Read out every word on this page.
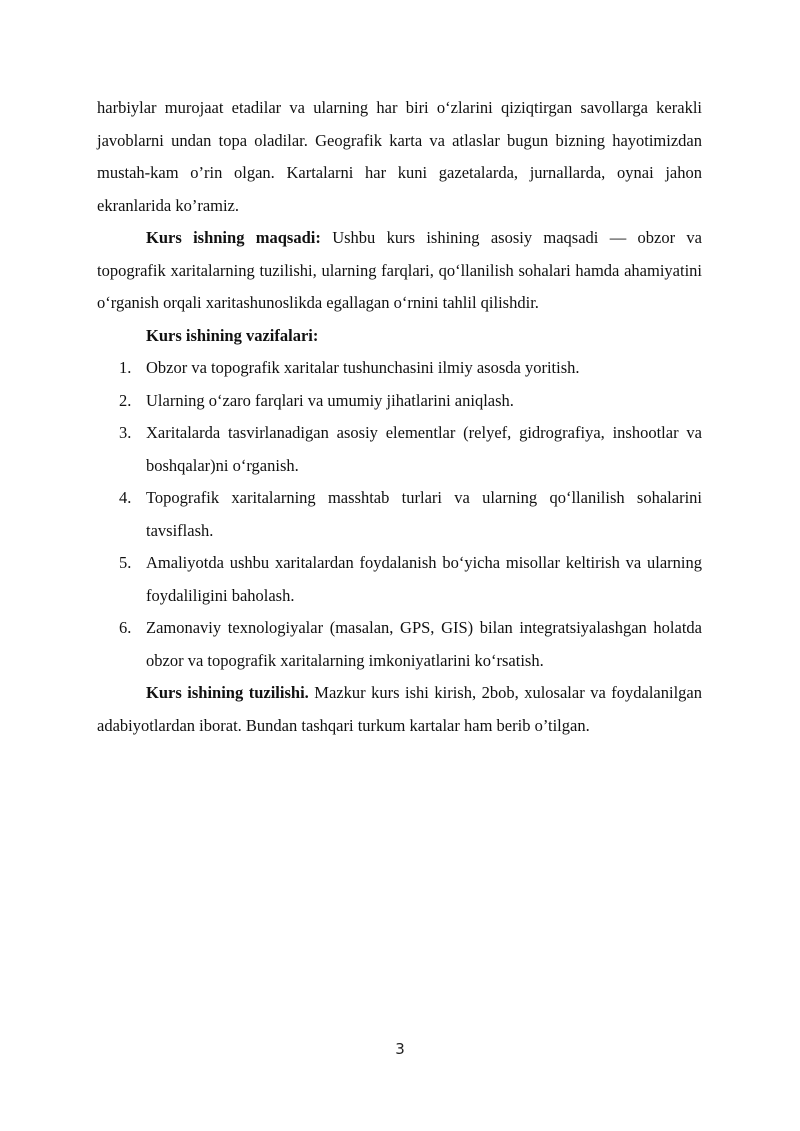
harbiylar murojaat etadilar va ularning har biri o‘zlarini qiziqtirgan savollarga kerakli javoblarni undan topa oladilar. Geografik karta va atlaslar bugun bizning hayotimizdan mustah-kam o’rin olgan. Kartalarni har kuni gazetalarda, jurnallarda, oynai jahon ekranlarida ko’ramiz.

Kurs ishning maqsadi: Ushbu kurs ishining asosiy maqsadi — obzor va topografik xaritalarning tuzilishi, ularning farqlari, qo‘llanilish sohalari hamda ahamiyatini o‘rganish orqali xaritashunoslikda egallagan o‘rnini tahlil qilishdir.

Kurs ishining vazifalari:

1. Obzor va topografik xaritalar tushunchasini ilmiy asosda yoritish.
2. Ularning o‘zaro farqlari va umumiy jihatlarini aniqlash.
3. Xaritalarda tasvirlanadigan asosiy elementlar (relyef, gidrografiya, inshootlar va boshqalar)ni o‘rganish.
4. Topografik xaritalarning masshtab turlari va ularning qo‘llanilish sohalarini tavsiflash.
5. Amaliyotda ushbu xaritalardan foydalanish bo‘yicha misollar keltirish va ularning foydaliligini baholash.
6. Zamonaviy texnologiyalar (masalan, GPS, GIS) bilan integratsiyalashgan holatda obzor va topografik xaritalarning imkoniyatlarini ko‘rsatish.

Kurs ishining tuzilishi. Mazkur kurs ishi kirish, 2bob, xulosalar va foydalanilgan adabiyotlardan iborat. Bundan tashqari turkum kartalar ham berib o’tilgan.

3
